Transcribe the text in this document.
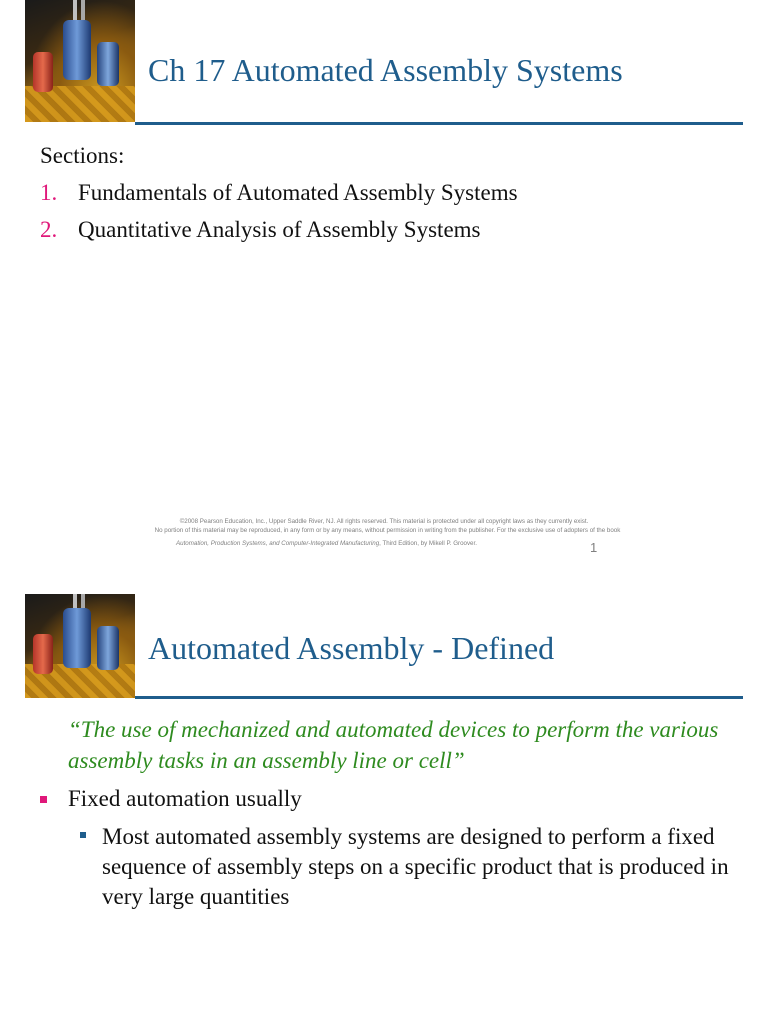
Ch 17 Automated Assembly Systems
Sections:
1. Fundamentals of Automated Assembly Systems
2. Quantitative Analysis of Assembly Systems
©2008 Pearson Education, Inc., Upper Saddle River, NJ. All rights reserved. This material is protected under all copyright laws as they currently exist.
No portion of this material may be reproduced, in any form or by any means, without permission in writing from the publisher. For the exclusive use of adopters of the book
Automation, Production Systems, and Computer-Integrated Manufacturing, Third Edition, by Mikell P. Groover.	1
Automated Assembly - Defined
“The use of mechanized and automated devices to perform the various assembly tasks in an assembly line or cell”
Fixed automation usually
Most automated assembly systems are designed to perform a fixed sequence of assembly steps on a specific product that is produced in very large quantities
